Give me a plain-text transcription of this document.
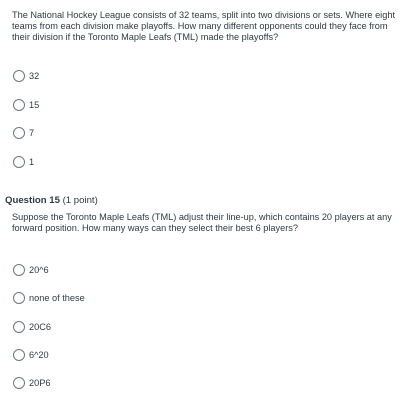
The National Hockey League consists of 32 teams, split into two divisions or sets. Where eight teams from each division make playoffs. How many different opponents could they face from their division if the Toronto Maple Leafs (TML) made the playoffs?

32
15
7
1
Question 15 (1 point)

Suppose the Toronto Maple Leafs (TML) adjust their line-up, which contains 20 players at any forward position. How many ways can they select their best 6 players?

20^6
none of these
20C6
6^20
20P6
